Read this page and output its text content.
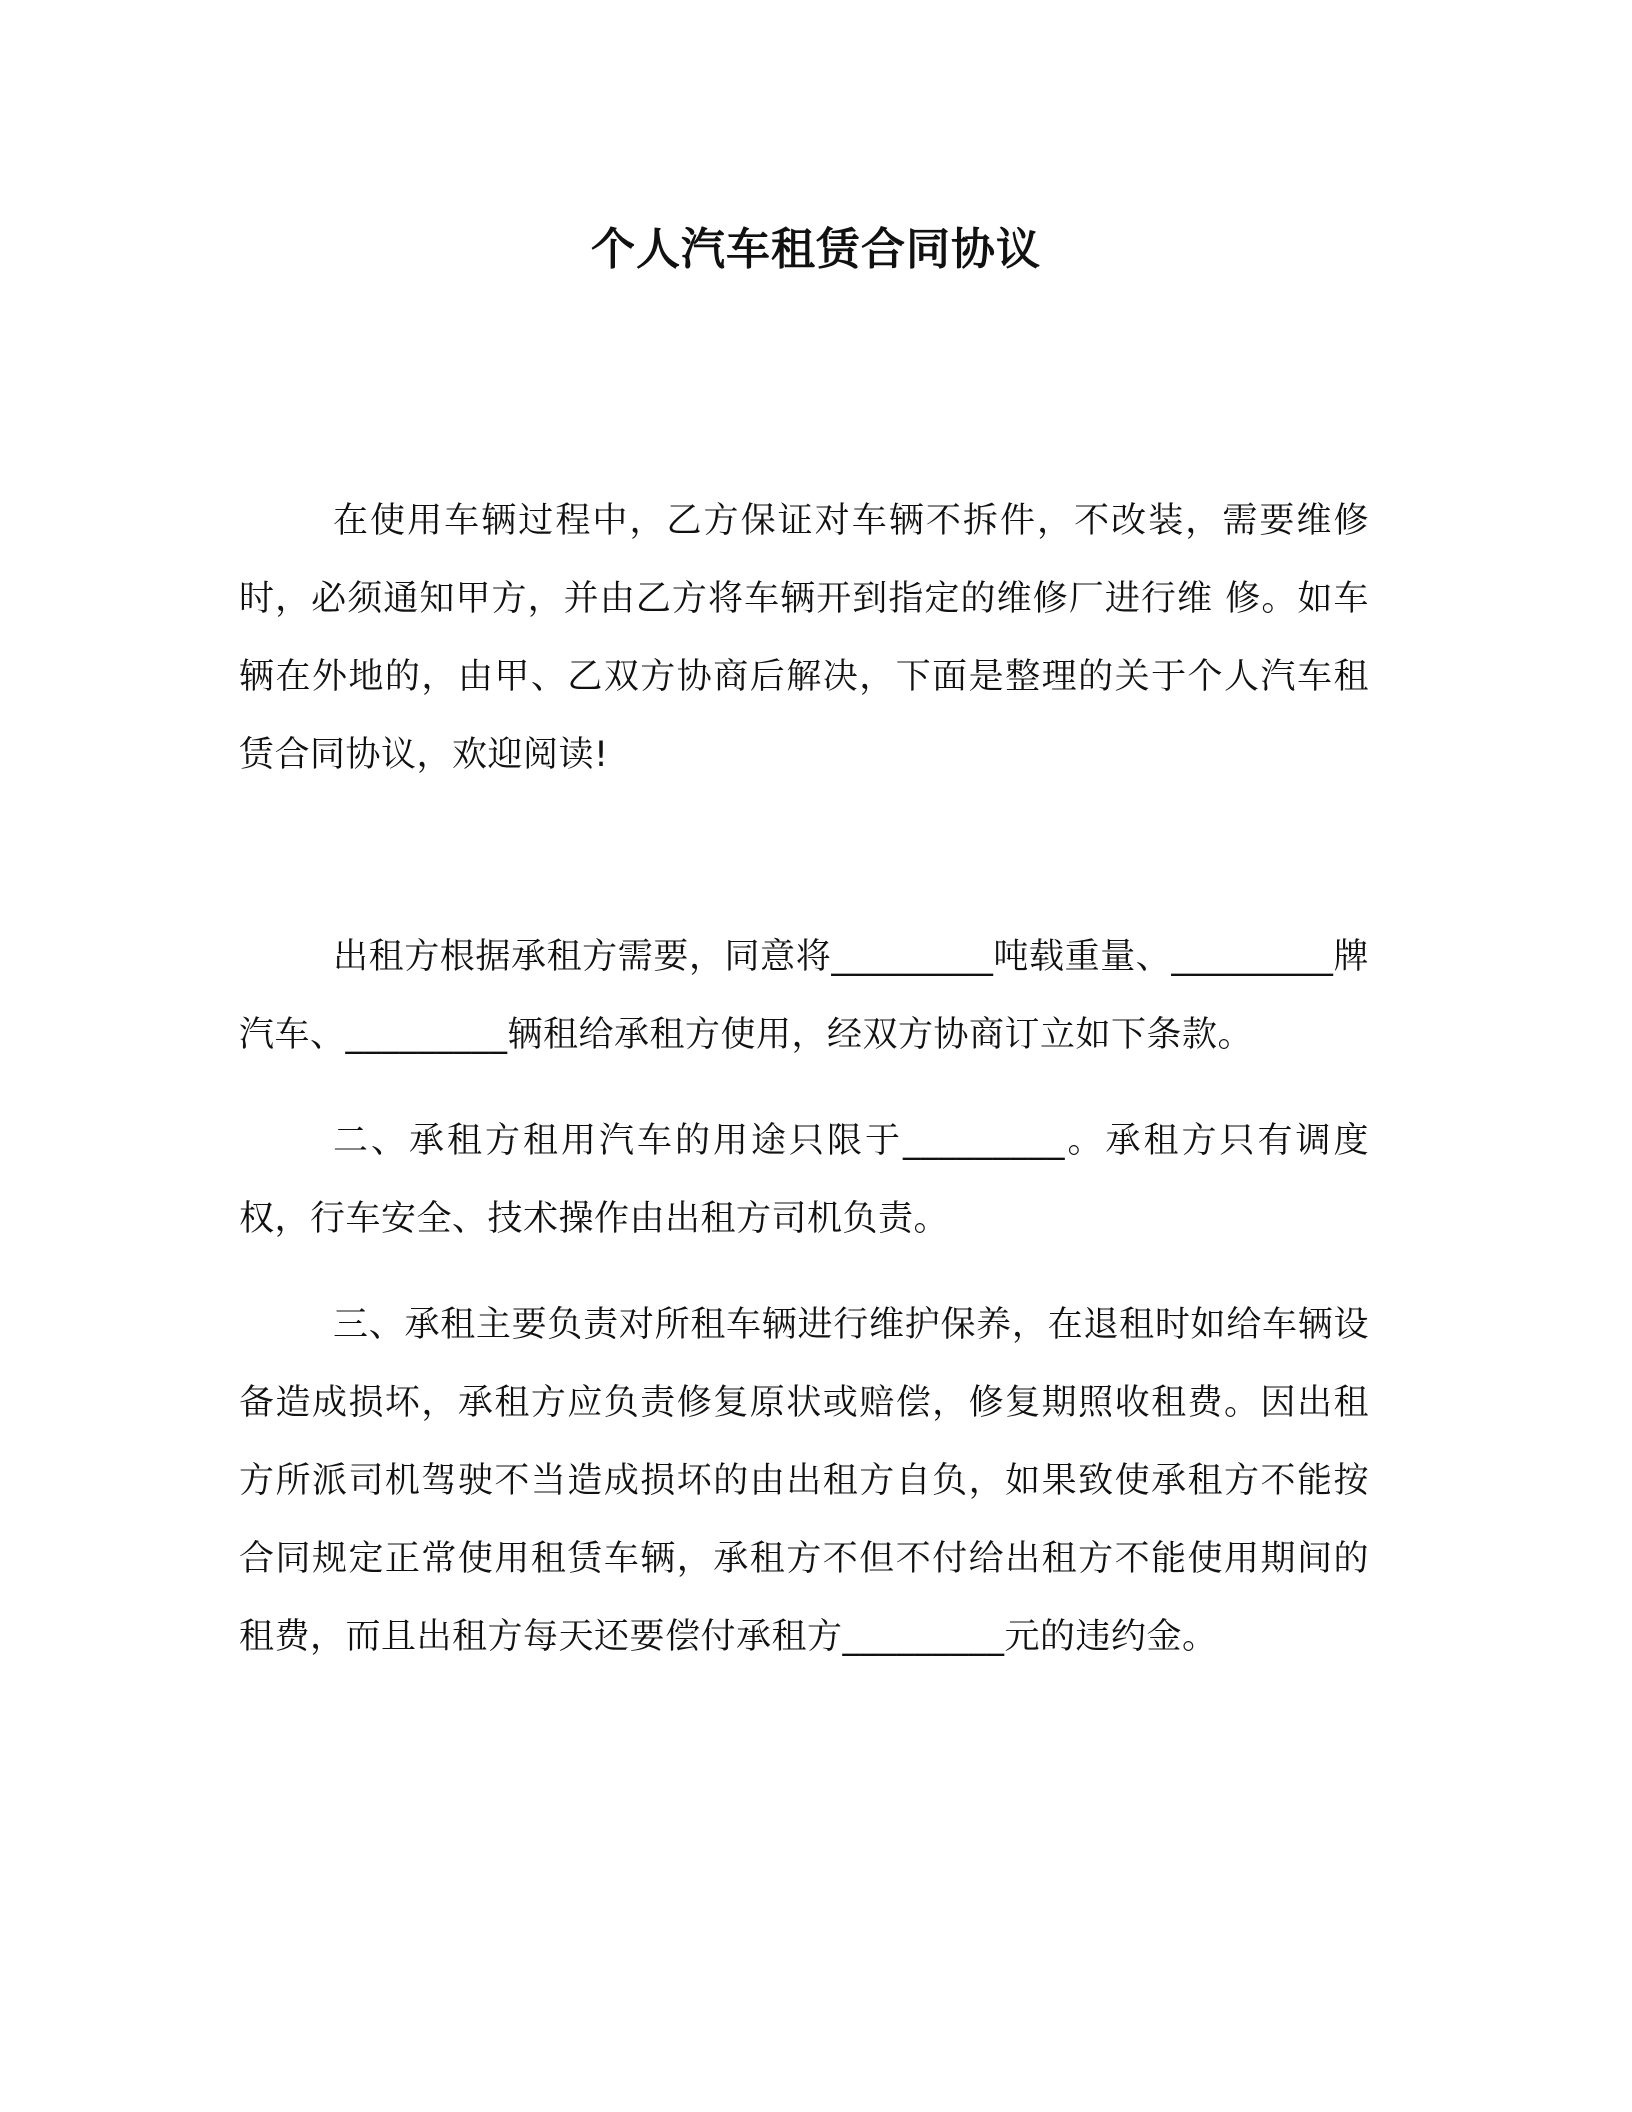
个人汽车租赁合同协议

在使用车辆过程中，乙方保证对车辆不拆件，不改装，需要维修时，必须通知甲方，并由乙方将车辆开到指定的维修厂进行维 修。如车辆在外地的，由甲、乙双方协商后解决，下面是整理的关于个人汽车租赁合同协议，欢迎阅读!

出租方根据承租方需要，同意将_________吨载重量、_________牌汽车、_________辆租给承租方使用，经双方协商订立如下条款。

二、承租方租用汽车的用途只限于_________。承租方只有调度权，行车安全、技术操作由出租方司机负责。

三、承租主要负责对所租车辆进行维护保养，在退租时如给车辆设备造成损坏，承租方应负责修复原状或赔偿，修复期照收租费。因出租方所派司机驾驶不当造成损坏的由出租方自负，如果致使承租方不能按合同规定正常使用租赁车辆，承租方不但不付给出租方不能使用期间的租费，而且出租方每天还要偿付承租方_________元的违约金。
